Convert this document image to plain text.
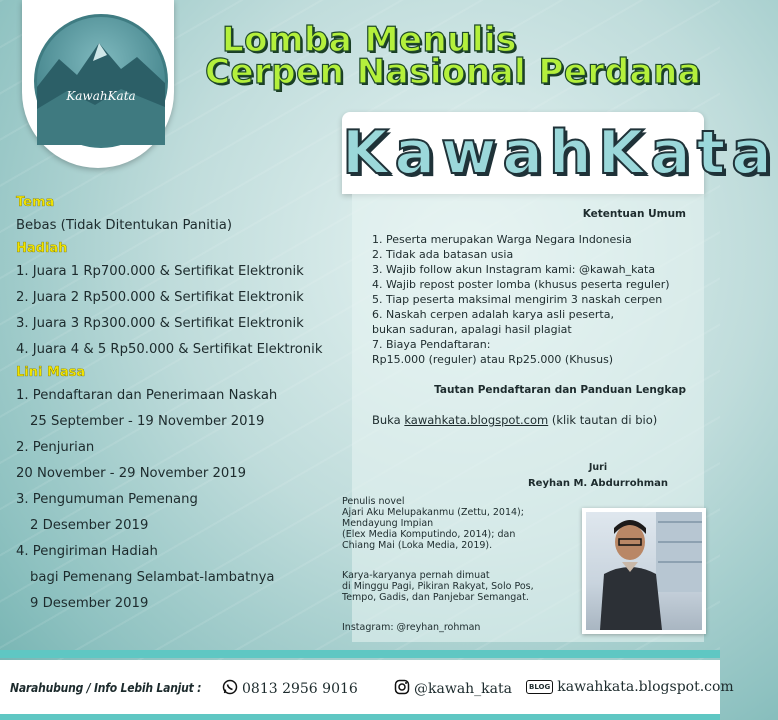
KawahKata
Lomba Menulis
Cerpen Nasional Perdana
KawahKata

Tema

Bebas (Tidak Ditentukan Panitia)

Hadiah

1. Juara 1 Rp700.000 & Sertifikat Elektronik

2. Juara 2 Rp500.000 & Sertifikat Elektronik

3. Juara 3 Rp300.000 & Sertifikat Elektronik

4. Juara 4 & 5 Rp50.000 & Sertifikat Elektronik

Lini Masa

1. Pendaftaran dan Penerimaan Naskah

25 September - 19 November 2019

2. Penjurian

20 November - 29 November 2019

3. Pengumuman Pemenang

2 Desember 2019

4. Pengiriman Hadiah

bagi Pemenang Selambat-lambatnya

9 Desember 2019

Ketentuan Umum

1. Peserta merupakan Warga Negara Indonesia

2. Tidak ada batasan usia

3. Wajib follow akun Instagram kami: @kawah_kata

4. Wajib repost poster lomba (khusus peserta reguler)

5. Tiap peserta maksimal mengirim 3 naskah cerpen

6. Naskah cerpen adalah karya asli peserta,

bukan saduran, apalagi hasil plagiat

7. Biaya Pendaftaran:

Rp15.000 (reguler) atau Rp25.000 (Khusus)

Tautan Pendaftaran dan Panduan Lengkap

Buka kawahkata.blogspot.com (klik tautan di bio)

Juri
Reyhan M. Abdurrohman
Penulis novel
Ajari Aku Melupakanmu (Zettu, 2014);
Mendayung Impian
(Elex Media Komputindo, 2014); dan
Chiang Mai (Loka Media, 2019).
Karya-karyanya pernah dimuat
di Minggu Pagi, Pikiran Rakyat, Solo Pos,
Tempo, Gadis, dan Panjebar Semangat.
Instagram: @reyhan_rohman
Narahubung / Info Lebih Lanjut :	0813 2956 9016	@kawah_kata	BLOG kawahkata.blogspot.com
